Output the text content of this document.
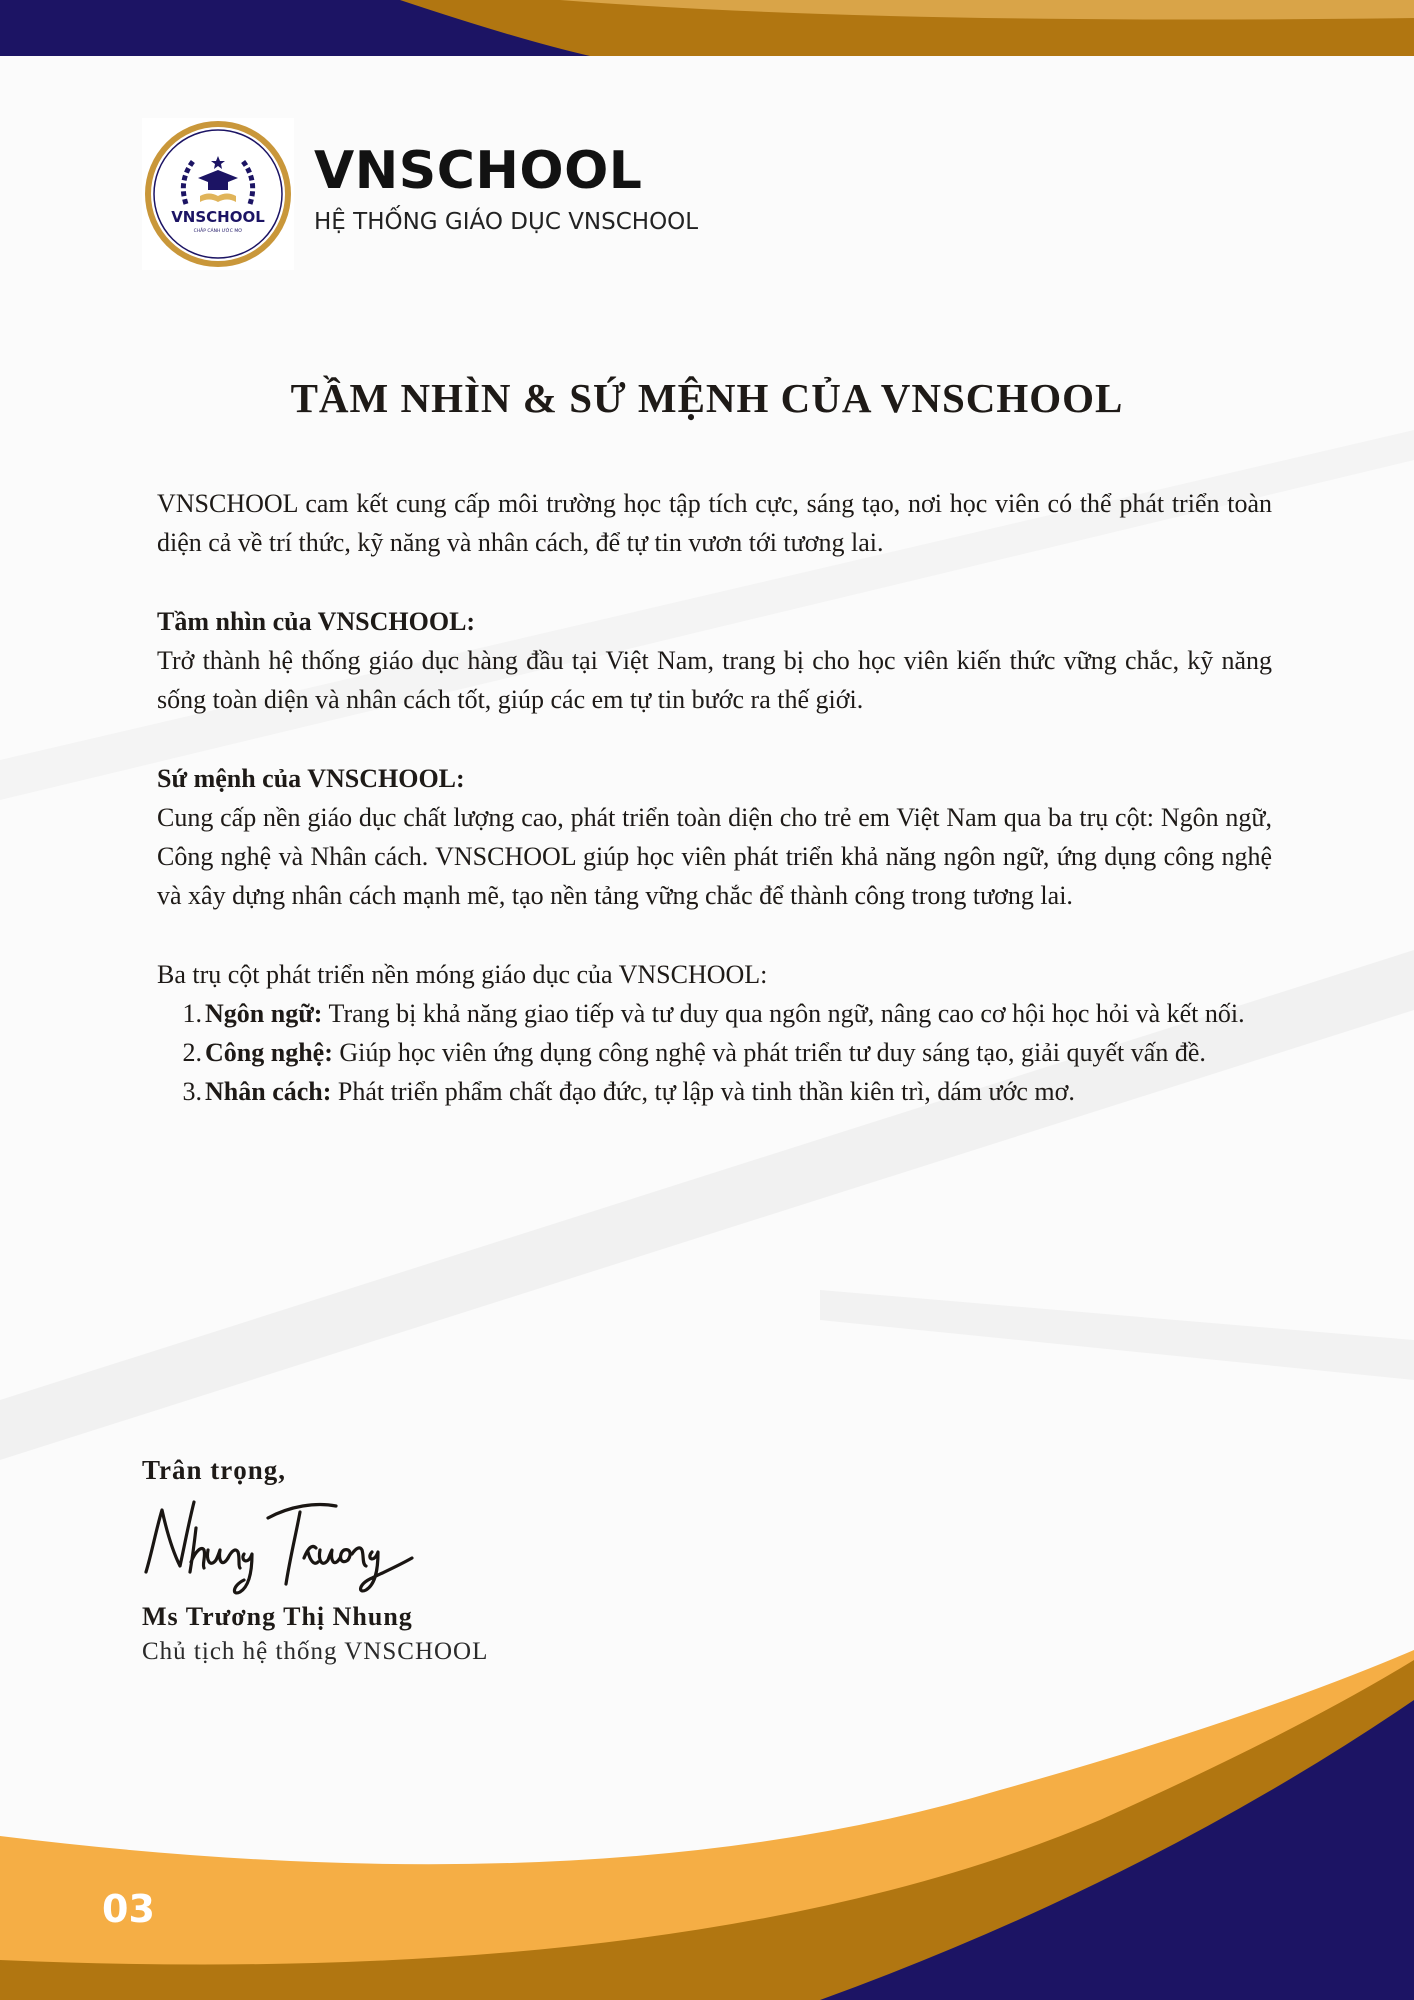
VNSCHOOL
CHẮP CÁNH ƯỚC MƠ
VNSCHOOL
HỆ THỐNG GIÁO DỤC VNSCHOOL
TẦM NHÌN & SỨ MỆNH CỦA VNSCHOOL

VNSCHOOL cam kết cung cấp môi trường học tập tích cực, sáng tạo, nơi học viên có thể phát triển toàn diện cả về trí thức, kỹ năng và nhân cách, để tự tin vươn tới tương lai.

Tầm nhìn của VNSCHOOL:

Trở thành hệ thống giáo dục hàng đầu tại Việt Nam, trang bị cho học viên kiến thức vững chắc, kỹ năng sống toàn diện và nhân cách tốt, giúp các em tự tin bước ra thế giới.

Sứ mệnh của VNSCHOOL:

Cung cấp nền giáo dục chất lượng cao, phát triển toàn diện cho trẻ em Việt Nam qua ba trụ cột: Ngôn ngữ, Công nghệ và Nhân cách. VNSCHOOL giúp học viên phát triển khả năng ngôn ngữ, ứng dụng công nghệ và xây dựng nhân cách mạnh mẽ, tạo nền tảng vững chắc để thành công trong tương lai.

Ba trụ cột phát triển nền móng giáo dục của VNSCHOOL:

1. Ngôn ngữ: Trang bị khả năng giao tiếp và tư duy qua ngôn ngữ, nâng cao cơ hội học hỏi và kết nối.
2. Công nghệ: Giúp học viên ứng dụng công nghệ và phát triển tư duy sáng tạo, giải quyết vấn đề.
3. Nhân cách: Phát triển phẩm chất đạo đức, tự lập và tinh thần kiên trì, dám ước mơ.
Trân trọng,
Ms Trương Thị Nhung
Chủ tịch hệ thống VNSCHOOL
03
